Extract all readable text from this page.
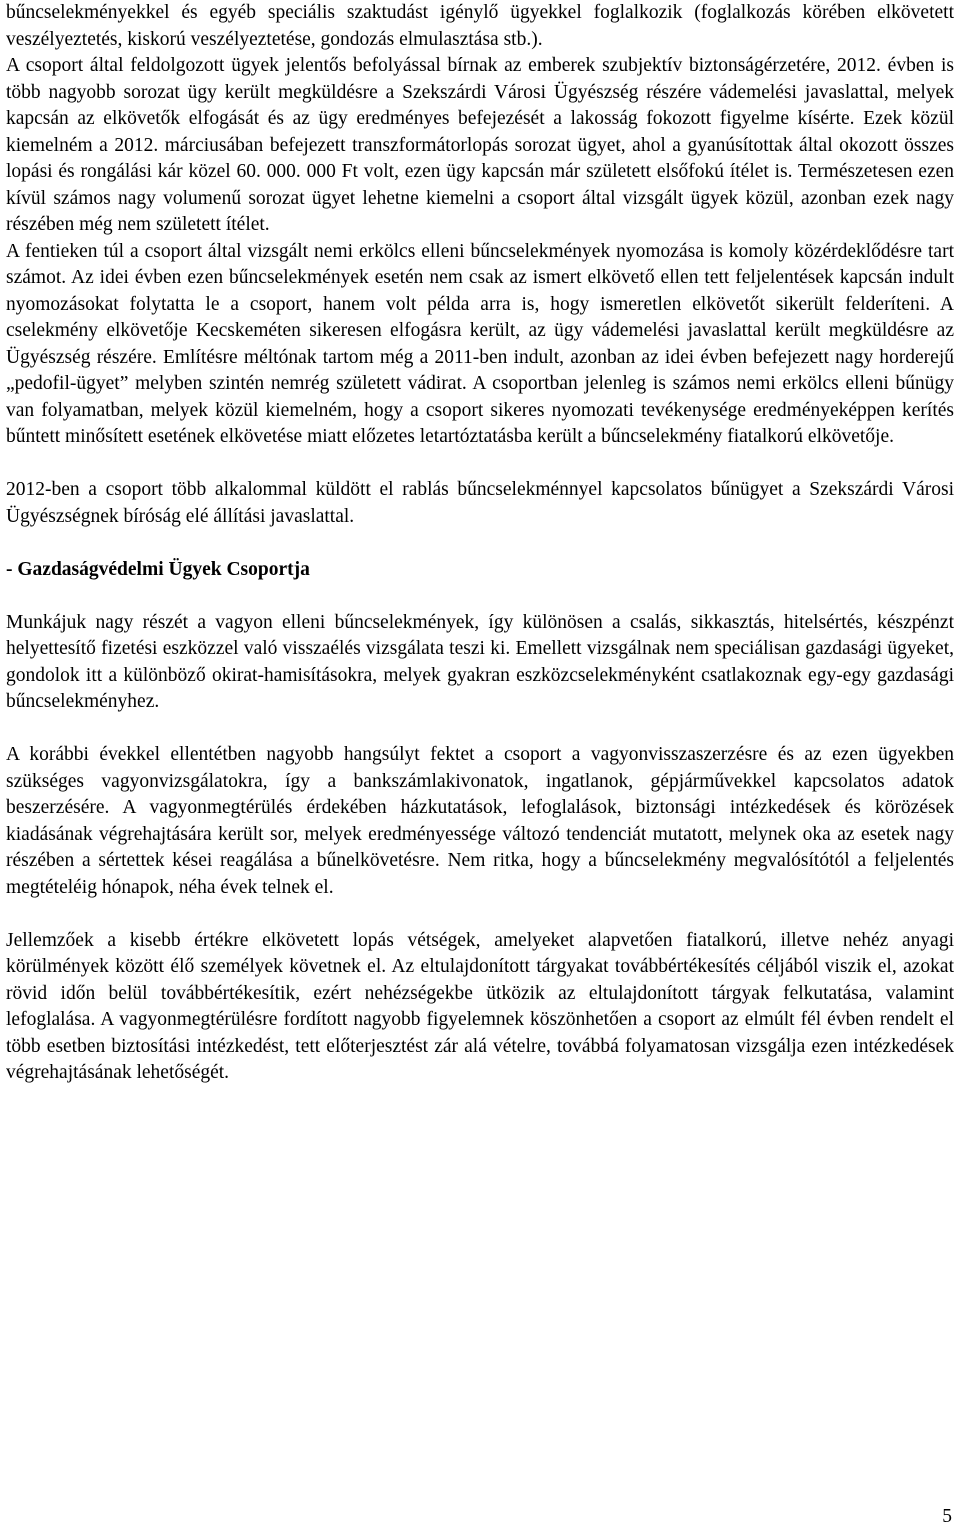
bűncselekményekkel és egyéb speciális szaktudást igénylő ügyekkel foglalkozik (foglalkozás körében elkövetett veszélyeztetés, kiskorú veszélyeztetése, gondozás elmulasztása stb.).

A csoport által feldolgozott ügyek jelentős befolyással bírnak az emberek szubjektív biztonságérzetére, 2012. évben is több nagyobb sorozat ügy került megküldésre a Szekszárdi Városi Ügyészség részére vádemelési javaslattal, melyek kapcsán az elkövetők elfogását és az ügy eredményes befejezését a lakosság fokozott figyelme kísérte. Ezek közül kiemelném a 2012. márciusában befejezett transzformátorlopás sorozat ügyet, ahol a gyanúsítottak által okozott összes lopási és rongálási kár közel 60. 000. 000 Ft volt, ezen ügy kapcsán már született elsőfokú ítélet is. Természetesen ezen kívül számos nagy volumenű sorozat ügyet lehetne kiemelni a csoport által vizsgált ügyek közül, azonban ezek nagy részében még nem született ítélet.

A fentieken túl a csoport által vizsgált nemi erkölcs elleni bűncselekmények nyomozása is komoly közérdeklődésre tart számot. Az idei évben ezen bűncselekmények esetén nem csak az ismert elkövető ellen tett feljelentések kapcsán indult nyomozásokat folytatta le a csoport, hanem volt példa arra is, hogy ismeretlen elkövetőt sikerült felderíteni. A cselekmény elkövetője Kecskeméten sikeresen elfogásra került, az ügy vádemelési javaslattal került megküldésre az Ügyészség részére. Említésre méltónak tartom még a 2011-ben indult, azonban az idei évben befejezett nagy horderejű „pedofil-ügyet” melyben szintén nemrég született vádirat. A csoportban jelenleg is számos nemi erkölcs elleni bűnügy van folyamatban, melyek közül kiemelném, hogy a csoport sikeres nyomozati tevékenysége eredményeképpen kerítés bűntett minősített esetének elkövetése miatt előzetes letartóztatásba került a bűncselekmény fiatalkorú elkövetője.

2012-ben a csoport több alkalommal küldött el rablás bűncselekménnyel kapcsolatos bűnügyet a Szekszárdi Városi Ügyészségnek bíróság elé állítási javaslattal.

- Gazdaságvédelmi Ügyek Csoportja

Munkájuk nagy részét a vagyon elleni bűncselekmények, így különösen a csalás, sikkasztás, hitelsértés, készpénzt helyettesítő fizetési eszközzel való visszaélés vizsgálata teszi ki. Emellett vizsgálnak nem speciálisan gazdasági ügyeket, gondolok itt a különböző okirat-hamisításokra, melyek gyakran eszközcselekményként csatlakoznak egy-egy gazdasági bűncselekményhez.

A korábbi évekkel ellentétben nagyobb hangsúlyt fektet a csoport a vagyonvisszaszerzésre és az ezen ügyekben szükséges vagyonvizsgálatokra, így a bankszámlakivonatok, ingatlanok, gépjárművekkel kapcsolatos adatok beszerzésére. A vagyonmegtérülés érdekében házkutatások, lefoglalások, biztonsági intézkedések és körözések kiadásának végrehajtására került sor, melyek eredményessége változó tendenciát mutatott, melynek oka az esetek nagy részében a sértettek kései reagálása a bűnelkövetésre. Nem ritka, hogy a bűncselekmény megvalósítótól a feljelentés megtételéig hónapok, néha évek telnek el.

Jellemzőek a kisebb értékre elkövetett lopás vétségek, amelyeket alapvetően fiatalkorú, illetve nehéz anyagi körülmények között élő személyek követnek el. Az eltulajdonított tárgyakat továbbértékesítés céljából viszik el, azokat rövid időn belül továbbértékesítik, ezért nehézségekbe ütközik az eltulajdonított tárgyak felkutatása, valamint lefoglalása. A vagyonmegtérülésre fordított nagyobb figyelemnek köszönhetően a csoport az elmúlt fél évben rendelt el több esetben biztosítási intézkedést, tett előterjesztést zár alá vételre, továbbá folyamatosan vizsgálja ezen intézkedések végrehajtásának lehetőségét.

5
